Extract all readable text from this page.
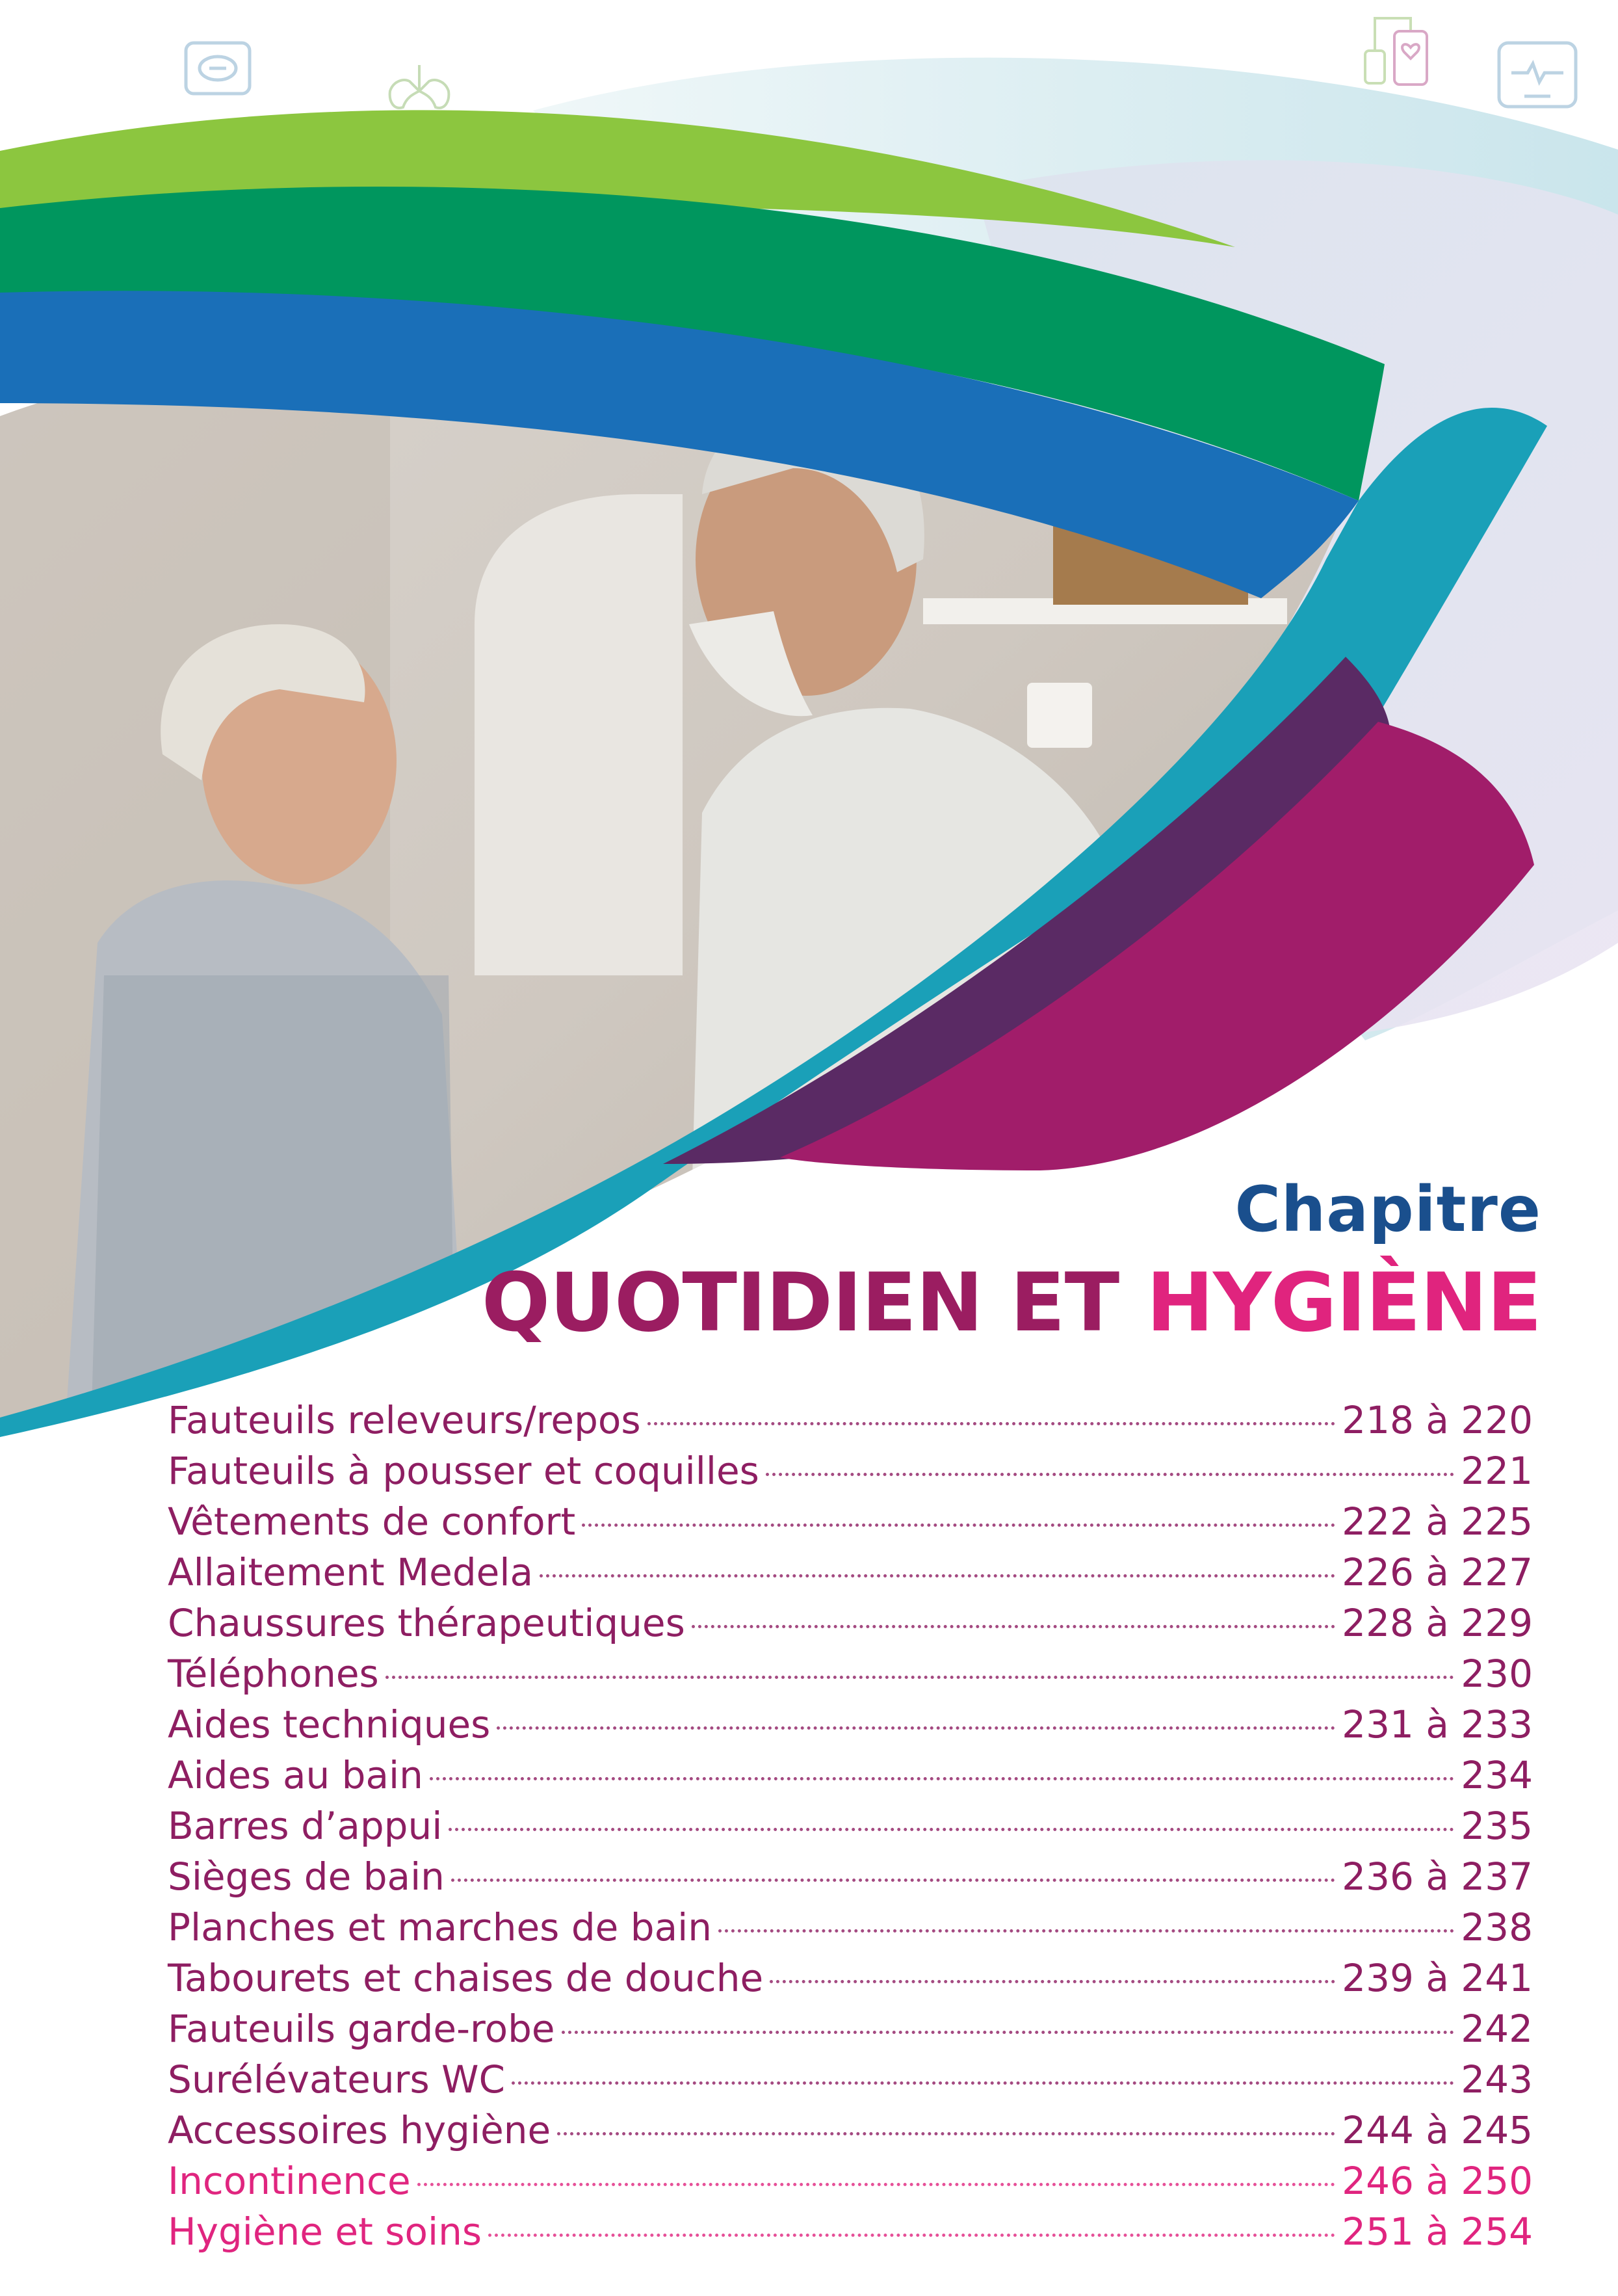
Chapitre
QUOTIDIEN ET HYGIÈNE
Fauteuils releveurs/repos	218 à 220
Fauteuils à pousser et coquilles	221
Vêtements de confort	222 à 225
Allaitement Medela	226 à 227
Chaussures thérapeutiques	228 à 229
Téléphones	230
Aides techniques	231 à 233
Aides au bain	234
Barres d’appui	235
Sièges de bain	236 à 237
Planches et marches de bain	238
Tabourets et chaises de douche	239 à 241
Fauteuils garde-robe	242
Surélévateurs WC	243
Accessoires hygiène	244 à 245
Incontinence	246 à 250
Hygiène et soins	251 à 254
